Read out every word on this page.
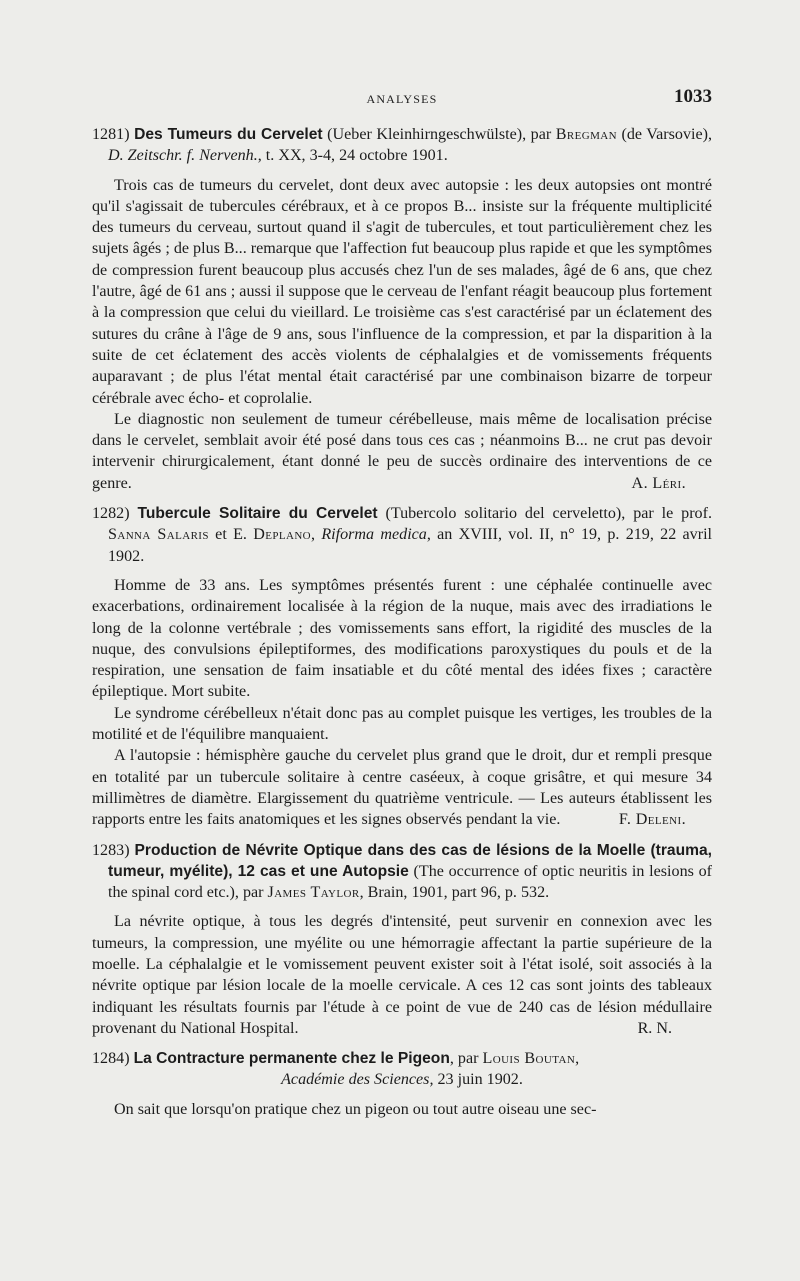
ANALYSES	1033

1281) Des Tumeurs du Cervelet (Ueber Kleinhirngeschwülste), par Bregman (de Varsovie), D. Zeitschr. f. Nervenh., t. XX, 3-4, 24 octobre 1901.

Trois cas de tumeurs du cervelet, dont deux avec autopsie : les deux autopsies ont montré qu'il s'agissait de tubercules cérébraux, et à ce propos B... insiste sur la fréquente multiplicité des tumeurs du cerveau, surtout quand il s'agit de tubercules, et tout particulièrement chez les sujets âgés ; de plus B... remarque que l'affection fut beaucoup plus rapide et que les symptômes de compression furent beaucoup plus accusés chez l'un de ses malades, âgé de 6 ans, que chez l'autre, âgé de 61 ans ; aussi il suppose que le cerveau de l'enfant réagit beaucoup plus fortement à la compression que celui du vieillard. Le troisième cas s'est caractérisé par un éclatement des sutures du crâne à l'âge de 9 ans, sous l'influence de la compression, et par la disparition à la suite de cet éclatement des accès violents de céphalalgies et de vomissements fréquents auparavant ; de plus l'état mental était caractérisé par une combinaison bizarre de torpeur cérébrale avec écho- et coprolalie.

Le diagnostic non seulement de tumeur cérébelleuse, mais même de localisation précise dans le cervelet, semblait avoir été posé dans tous ces cas ; néanmoins B... ne crut pas devoir intervenir chirurgicalement, étant donné le peu de succès ordinaire des interventions de ce genre.	A. Léri.

1282) Tubercule Solitaire du Cervelet (Tubercolo solitario del cerveletto), par le prof. Sanna Salaris et E. Deplano, Riforma medica, an XVIII, vol. II, n° 19, p. 219, 22 avril 1902.

Homme de 33 ans. Les symptômes présentés furent : une céphalée continuelle avec exacerbations, ordinairement localisée à la région de la nuque, mais avec des irradiations le long de la colonne vertébrale ; des vomissements sans effort, la rigidité des muscles de la nuque, des convulsions épileptiformes, des modifications paroxystiques du pouls et de la respiration, une sensation de faim insatiable et du côté mental des idées fixes ; caractère épileptique. Mort subite.

Le syndrome cérébelleux n'était donc pas au complet puisque les vertiges, les troubles de la motilité et de l'équilibre manquaient.

A l'autopsie : hémisphère gauche du cervelet plus grand que le droit, dur et rempli presque en totalité par un tubercule solitaire à centre caséeux, à coque grisâtre, et qui mesure 34 millimètres de diamètre. Elargissement du quatrième ventricule. — Les auteurs établissent les rapports entre les faits anatomiques et les signes observés pendant la vie.	F. Deleni.

1283) Production de Névrite Optique dans des cas de lésions de la Moelle (trauma, tumeur, myélite), 12 cas et une Autopsie (The occurrence of optic neuritis in lesions of the spinal cord etc.), par James Taylor, Brain, 1901, part 96, p. 532.

La névrite optique, à tous les degrés d'intensité, peut survenir en connexion avec les tumeurs, la compression, une myélite ou une hémorragie affectant la partie supérieure de la moelle. La céphalalgie et le vomissement peuvent exister soit à l'état isolé, soit associés à la névrite optique par lésion locale de la moelle cervicale. A ces 12 cas sont joints des tableaux indiquant les résultats fournis par l'étude à ce point de vue de 240 cas de lésion médullaire provenant du National Hospital.	R. N.

1284) La Contracture permanente chez le Pigeon, par Louis Boutan,
Académie des Sciences, 23 juin 1902.

On sait que lorsqu'on pratique chez un pigeon ou tout autre oiseau une sec-
